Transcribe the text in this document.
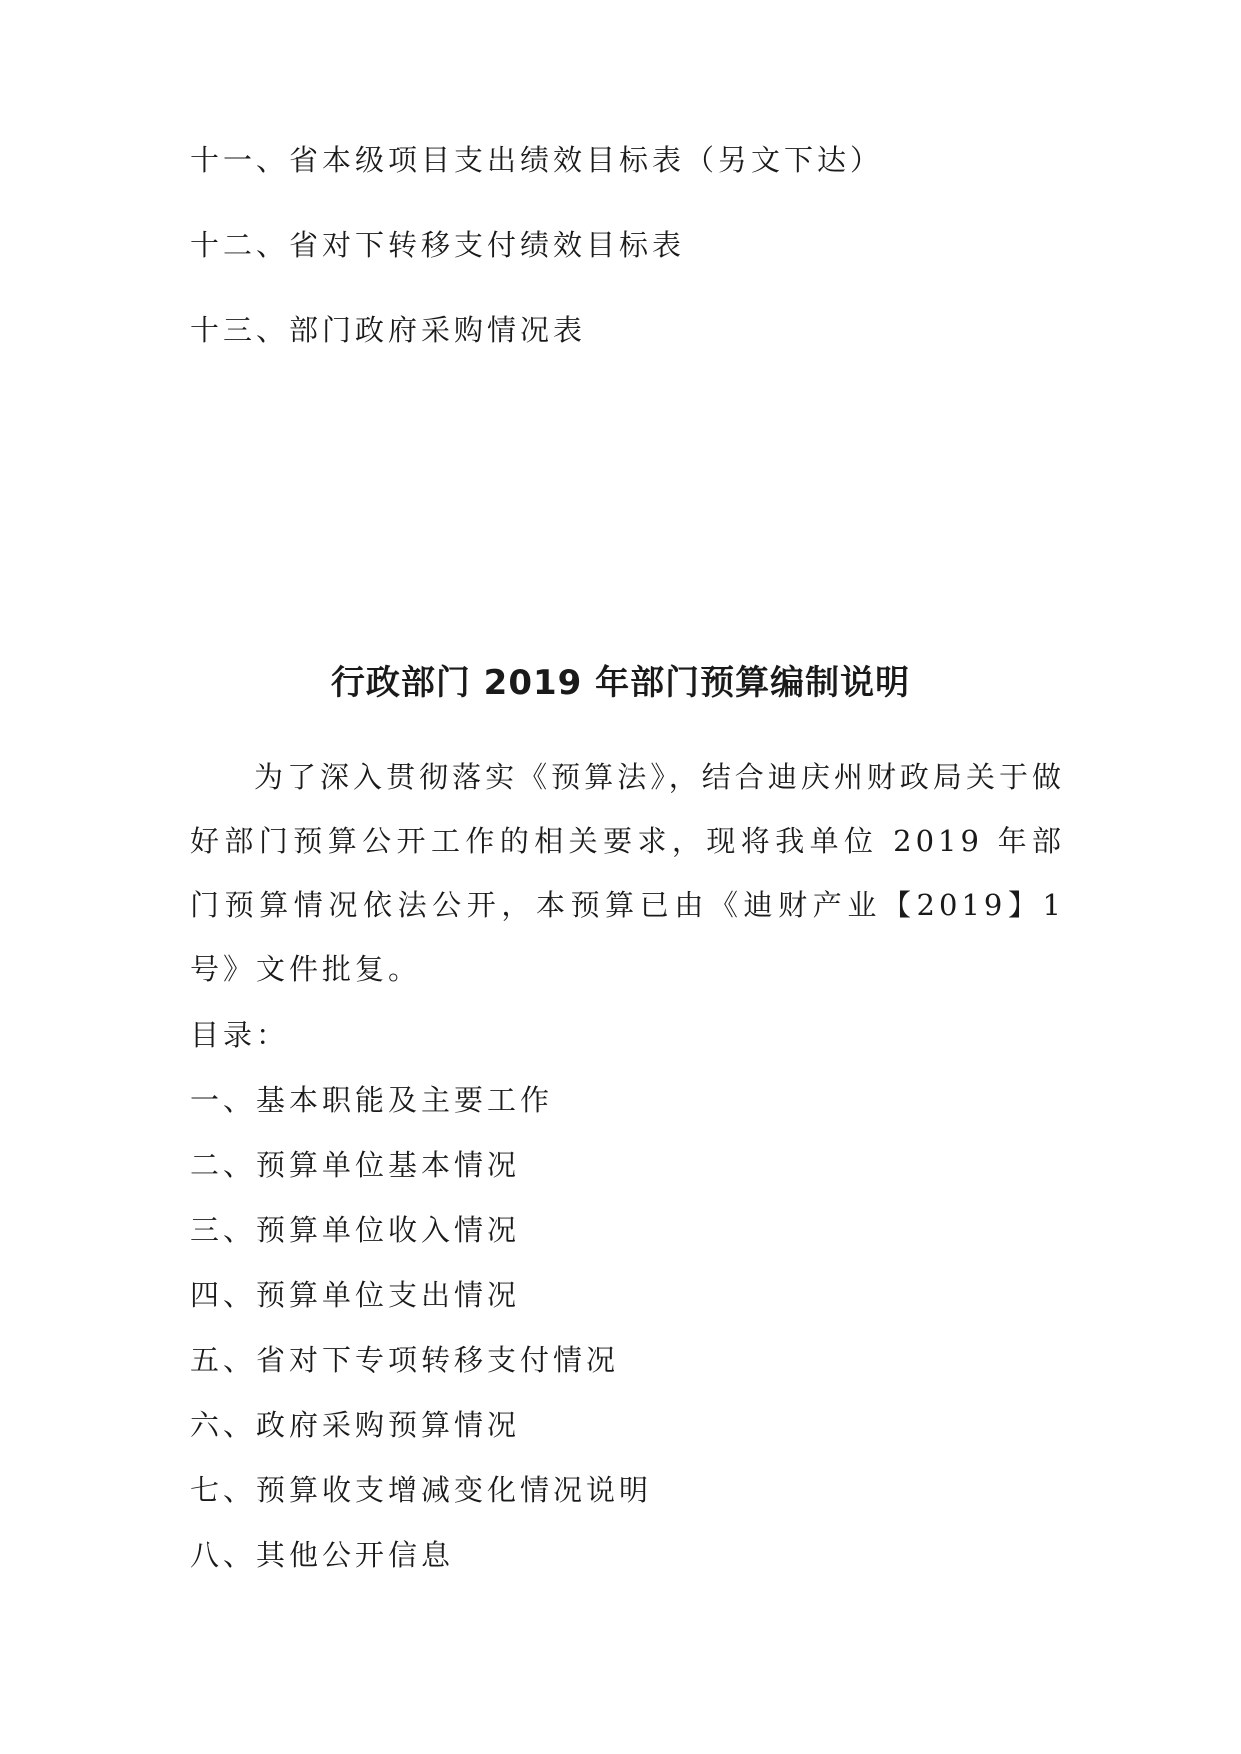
十一、省本级项目支出绩效目标表（另文下达）
十二、省对下转移支付绩效目标表
十三、部门政府采购情况表
行政部门 2019 年部门预算编制说明

为了深入贯彻落实《预算法》，结合迪庆州财政局关于做好部门预算公开工作的相关要求，现将我单位 2019 年部门预算情况依法公开，本预算已由《迪财产业【2019】1 号》文件批复。

目录：
一、基本职能及主要工作
二、预算单位基本情况
三、预算单位收入情况
四、预算单位支出情况
五、省对下专项转移支付情况
六、政府采购预算情况
七、预算收支增减变化情况说明
八、其他公开信息
